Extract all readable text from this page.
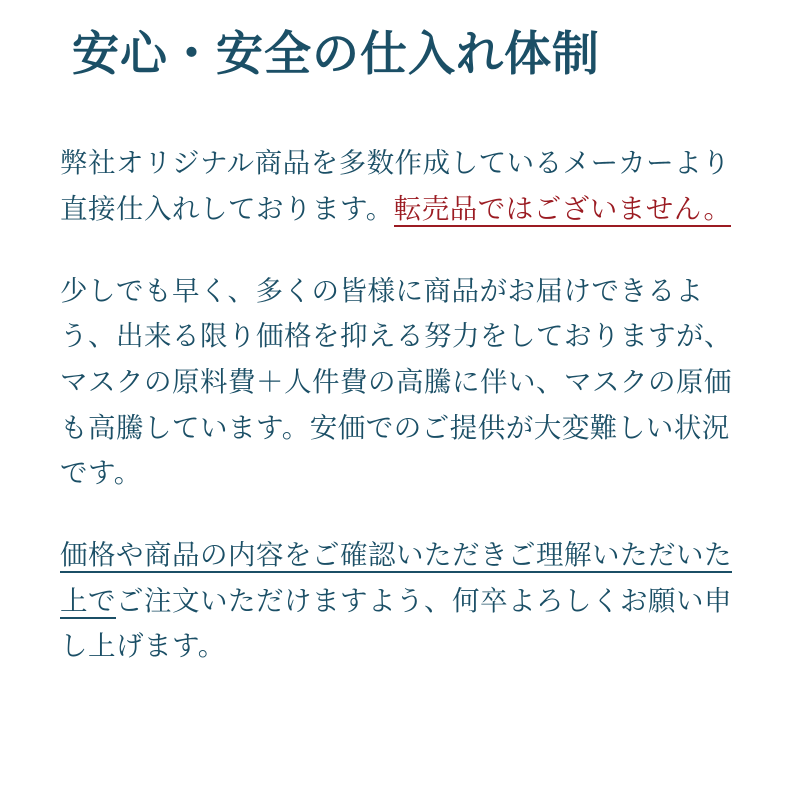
安心・安全の仕入れ体制

弊社オリジナル商品を多数作成しているメーカーより直接仕入れしております。転売品ではございません。

少しでも早く、多くの皆様に商品がお届けできるよう、出来る限り価格を抑える努力をしておりますが、マスクの原料費＋人件費の高騰に伴い、マスクの原価も高騰しています。安価でのご提供が大変難しい状況です。

価格や商品の内容をご確認いただきご理解いただいた上でご注文いただけますよう、何卒よろしくお願い申し上げます。
